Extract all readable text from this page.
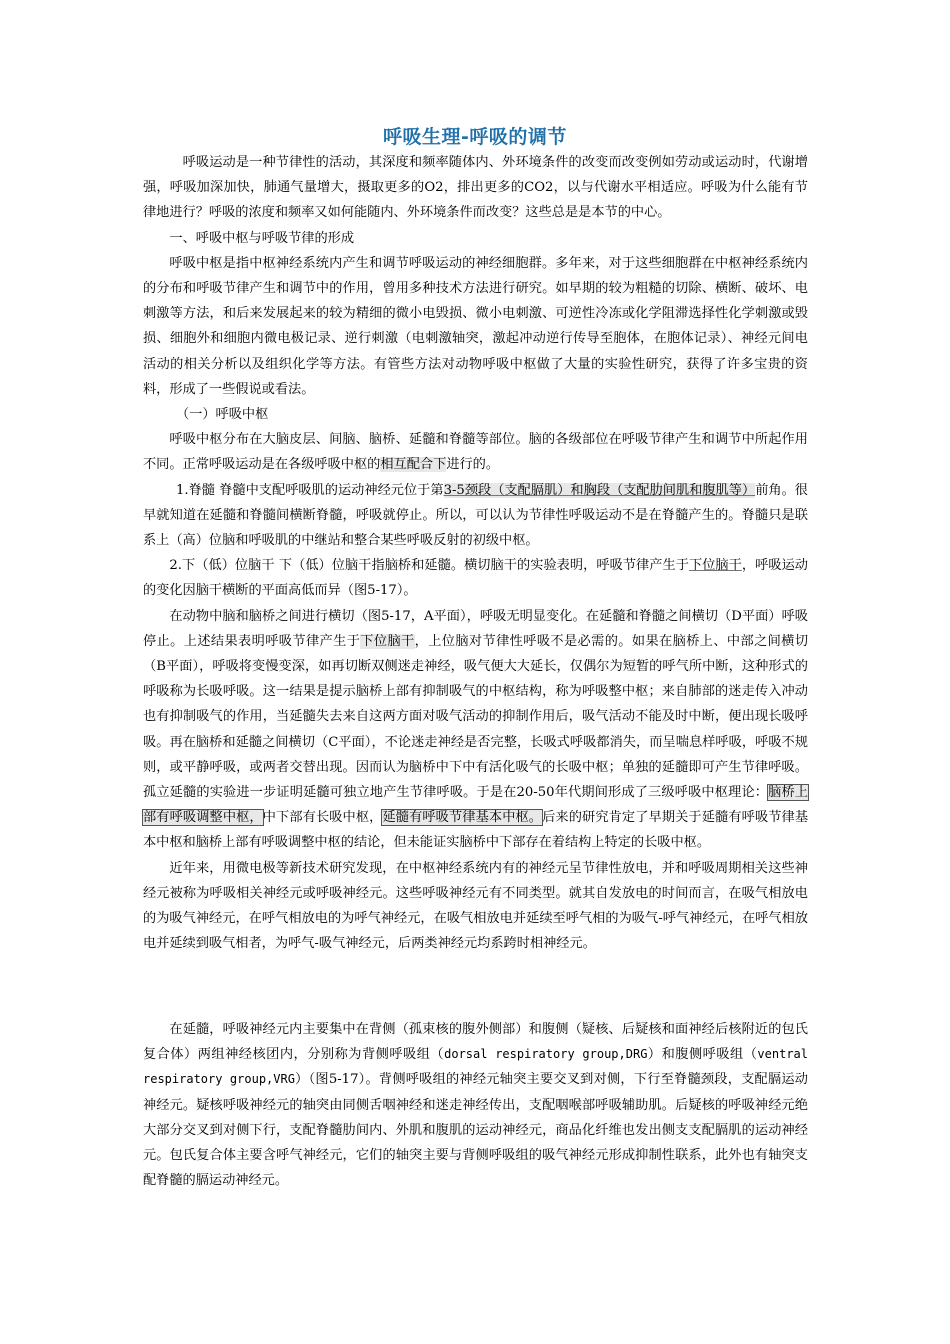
呼吸生理-呼吸的调节

呼吸运动是一种节律性的活动，其深度和频率随体内、外环境条件的改变而改变例如劳动或运动时，代谢增强，呼吸加深加快，肺通气量增大，摄取更多的O2，排出更多的CO2，以与代谢水平相适应。呼吸为什么能有节律地进行？呼吸的浓度和频率又如何能随内、外环境条件而改变？这些总是是本节的中心。

一、呼吸中枢与呼吸节律的形成

呼吸中枢是指中枢神经系统内产生和调节呼吸运动的神经细胞群。多年来，对于这些细胞群在中枢神经系统内的分布和呼吸节律产生和调节中的作用，曾用多种技术方法进行研究。如早期的较为粗糙的切除、横断、破坏、电刺激等方法，和后来发展起来的较为精细的微小电毁损、微小电刺激、可逆性冷冻或化学阻滞选择性化学刺激或毁损、细胞外和细胞内微电极记录、逆行刺激（电刺激轴突，激起冲动逆行传导至胞体，在胞体记录）、神经元间电活动的相关分析以及组织化学等方法。有管些方法对动物呼吸中枢做了大量的实验性研究，获得了许多宝贵的资料，形成了一些假说或看法。

（一）呼吸中枢

呼吸中枢分布在大脑皮层、间脑、脑桥、延髓和脊髓等部位。脑的各级部位在呼吸节律产生和调节中所起作用不同。正常呼吸运动是在各级呼吸中枢的相互配合下进行的。

1.脊髓 脊髓中支配呼吸肌的运动神经元位于第3-5颈段（支配膈肌）和胸段（支配肋间肌和腹肌等）前角。很早就知道在延髓和脊髓间横断脊髓，呼吸就停止。所以，可以认为节律性呼吸运动不是在脊髓产生的。脊髓只是联系上（高）位脑和呼吸肌的中继站和整合某些呼吸反射的初级中枢。

2.下（低）位脑干 下（低）位脑干指脑桥和延髓。横切脑干的实验表明，呼吸节律产生于下位脑干，呼吸运动的变化因脑干横断的平面高低而异（图5-17）。

在动物中脑和脑桥之间进行横切（图5-17，A平面），呼吸无明显变化。在延髓和脊髓之间横切（D平面）呼吸停止。上述结果表明呼吸节律产生于下位脑干，上位脑对节律性呼吸不是必需的。如果在脑桥上、中部之间横切（B平面），呼吸将变慢变深，如再切断双侧迷走神经，吸气便大大延长，仅偶尔为短暂的呼气所中断，这种形式的呼吸称为长吸呼吸。这一结果是提示脑桥上部有抑制吸气的中枢结构，称为呼吸整中枢；来自肺部的迷走传入冲动也有抑制吸气的作用，当延髓失去来自这两方面对吸气活动的抑制作用后，吸气活动不能及时中断，便出现长吸呼吸。再在脑桥和延髓之间横切（C平面），不论迷走神经是否完整，长吸式呼吸都消失，而呈喘息样呼吸，呼吸不规则，或平静呼吸，或两者交替出现。因而认为脑桥中下中有活化吸气的长吸中枢；单独的延髓即可产生节律呼吸。孤立延髓的实验进一步证明延髓可独立地产生节律呼吸。于是在20-50年代期间形成了三级呼吸中枢理论：脑桥上部有呼吸调整中枢，中下部有长吸中枢，延髓有呼吸节律基本中枢。后来的研究肯定了早期关于延髓有呼吸节律基本中枢和脑桥上部有呼吸调整中枢的结论，但未能证实脑桥中下部存在着结构上特定的长吸中枢。

近年来，用微电极等新技术研究发现，在中枢神经系统内有的神经元呈节律性放电，并和呼吸周期相关这些神经元被称为呼吸相关神经元或呼吸神经元。这些呼吸神经元有不同类型。就其自发放电的时间而言，在吸气相放电的为吸气神经元，在呼气相放电的为呼气神经元，在吸气相放电并延续至呼气相的为吸气-呼气神经元，在呼气相放电并延续到吸气相者，为呼气-吸气神经元，后两类神经元均系跨时相神经元。

在延髓，呼吸神经元内主要集中在背侧（孤束核的腹外侧部）和腹侧（疑核、后疑核和面神经后核附近的包氏复合体）两组神经核团内，分别称为背侧呼吸组（dorsal respiratory group,DRG）和腹侧呼吸组（ventral respiratory group,VRG）（图5-17）。背侧呼吸组的神经元轴突主要交叉到对侧，下行至脊髓颈段，支配膈运动神经元。疑核呼吸神经元的轴突由同侧舌咽神经和迷走神经传出，支配咽喉部呼吸辅助肌。后疑核的呼吸神经元绝大部分交叉到对侧下行，支配脊髓肋间内、外肌和腹肌的运动神经元，商品化纤维也发出侧支支配膈肌的运动神经元。包氏复合体主要含呼气神经元，它们的轴突主要与背侧呼吸组的吸气神经元形成抑制性联系，此外也有轴突支配脊髓的膈运动神经元。
